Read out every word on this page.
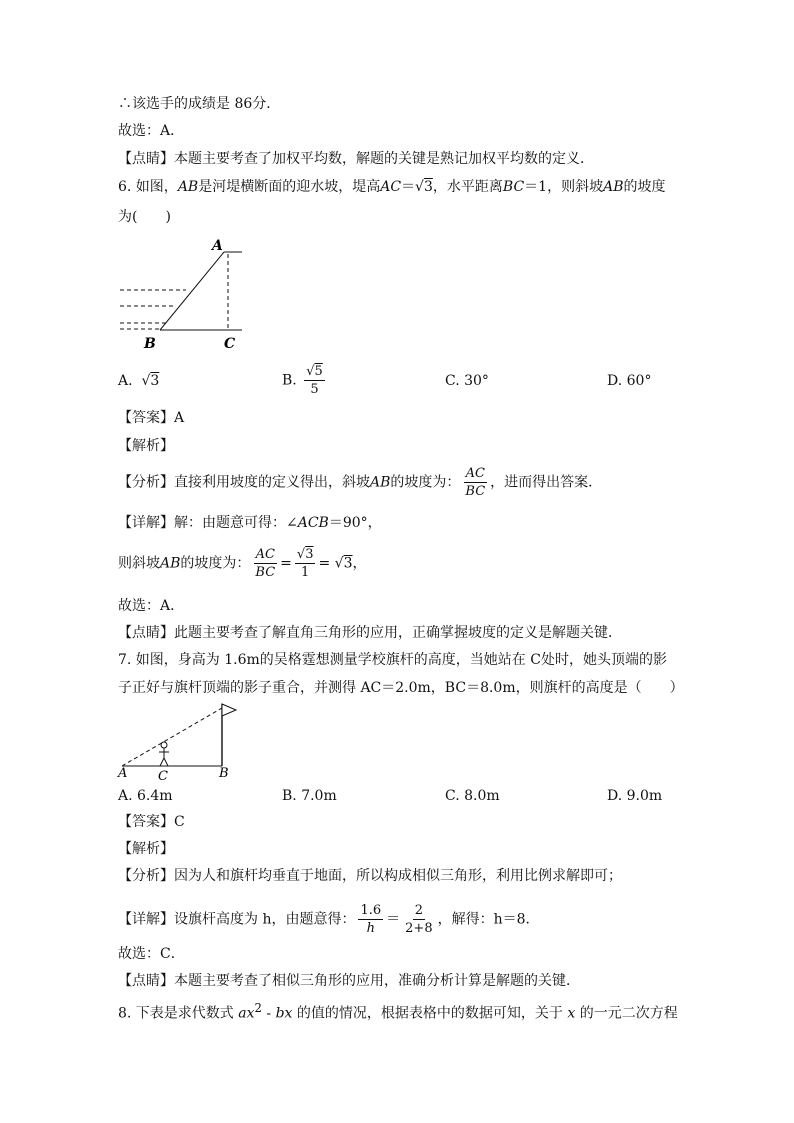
∴该选手的成绩是 86分．
故选：A．
【点睛】本题主要考查了加权平均数，解题的关键是熟记加权平均数的定义．
6. 如图，AB是河堤横断面的迎水坡，堤高AC＝√3，水平距离BC＝1，则斜坡AB的坡度
为(　　)
A
B	C
A. √3	B. $\frac{√5}{5}$	C. 30°	D. 60°
【答案】A
【解析】
【分析】直接利用坡度的定义得出，斜坡AB的坡度为： $\frac{AC}{BC}$ ，进而得出答案．
【详解】解：由题意可得：∠ACB＝90°，
则斜坡AB的坡度为： $\frac{AC}{BC} = \frac{√3}{1} = √3$，
故选：A．
【点睛】此题主要考查了解直角三角形的应用，正确掌握坡度的定义是解题关键．
7. 如图，身高为 1.6m的吴格霆想测量学校旗杆的高度，当她站在 C处时，她头顶端的影
子正好与旗杆顶端的影子重合，并测得 AC＝2.0m，BC＝8.0m，则旗杆的高度是（　　）
A C	B
A. 6.4m	B. 7.0m	C. 8.0m	D. 9.0m
【答案】C
【解析】
【分析】因为人和旗杆均垂直于地面，所以构成相似三角形，利用比例求解即可；
【详解】设旗杆高度为 h，由题意得： $\frac{1.6}{h} = \frac{2}{2+8}$ ，解得：h＝8．
故选：C．
【点睛】本题主要考查了相似三角形的应用，准确分析计算是解题的关键．
8. 下表是求代数式 $ax^2$ - bx 的值的情况，根据表格中的数据可知，关于 x 的一元二次方程
